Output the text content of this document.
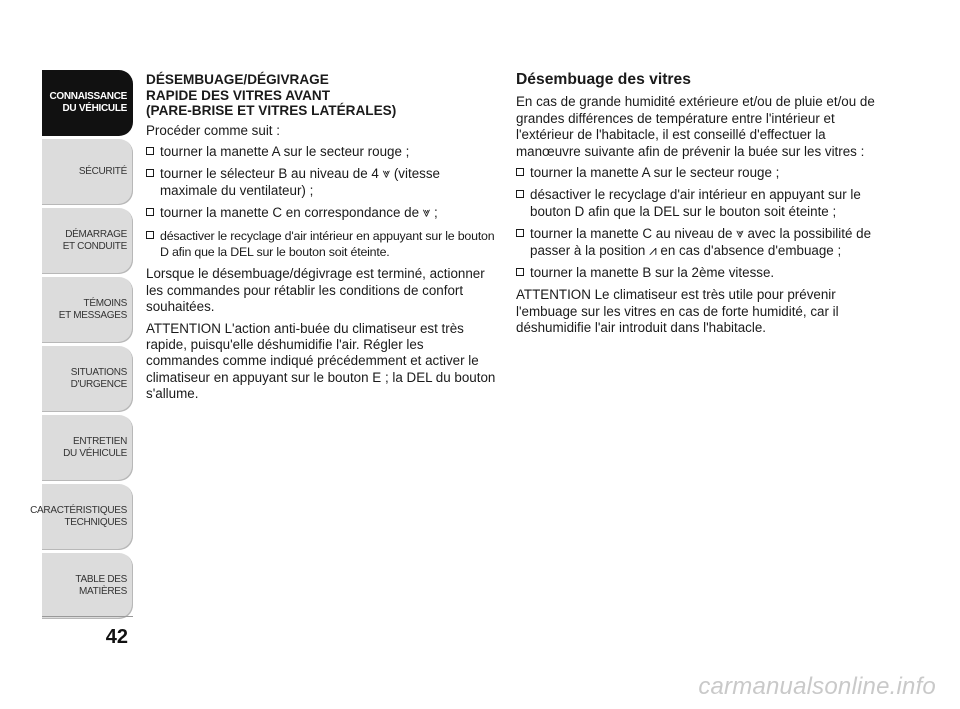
CONNAISSANCE
DU VÉHICULE
SÉCURITÉ
DÉMARRAGE
ET CONDUITE
TÉMOINS
ET MESSAGES
SITUATIONS
D'URGENCE
ENTRETIEN
DU VÉHICULE
CARACTÉRISTIQUES
TECHNIQUES
TABLE DES
MATIÈRES
42
DÉSEMBUAGE/DÉGIVRAGE
RAPIDE DES VITRES AVANT
(PARE-BRISE ET VITRES LATÉRALES)

Procéder comme suit :

tourner la manette A sur le secteur rouge ;
tourner le sélecteur B au niveau de 4 ⩔ (vitesse maximale du ventilateur) ;
tourner la manette C en correspondance de ⩔ ;
désactiver le recyclage d'air intérieur en appuyant sur le bouton D afin que la DEL sur le bouton soit éteinte.

Lorsque le désembuage/dégivrage est terminé, actionner les commandes pour rétablir les conditions de confort souhaitées.

ATTENTION L'action anti-buée du climatiseur est très rapide, puisqu'elle déshumidifie l'air. Régler les commandes comme indiqué précédemment et activer le climatiseur en appuyant sur le bouton E ; la DEL du bouton s'allume.

Désembuage des vitres

En cas de grande humidité extérieure et/ou de pluie et/ou de grandes différences de température entre l'intérieur et l'extérieur de l'habitacle, il est conseillé d'effectuer la manœuvre suivante afin de prévenir la buée sur les vitres :

tourner la manette A sur le secteur rouge ;
désactiver le recyclage d'air intérieur en appuyant sur le bouton D afin que la DEL sur le bouton soit éteinte ;
tourner la manette C au niveau de ⩔ avec la possibilité de passer à la position ⩘ en cas d'absence d'embuage ;
tourner la manette B sur la 2ème vitesse.

ATTENTION Le climatiseur est très utile pour prévenir l'embuage sur les vitres en cas de forte humidité, car il déshumidifie l'air introduit dans l'habitacle.

carmanualsonline.info
